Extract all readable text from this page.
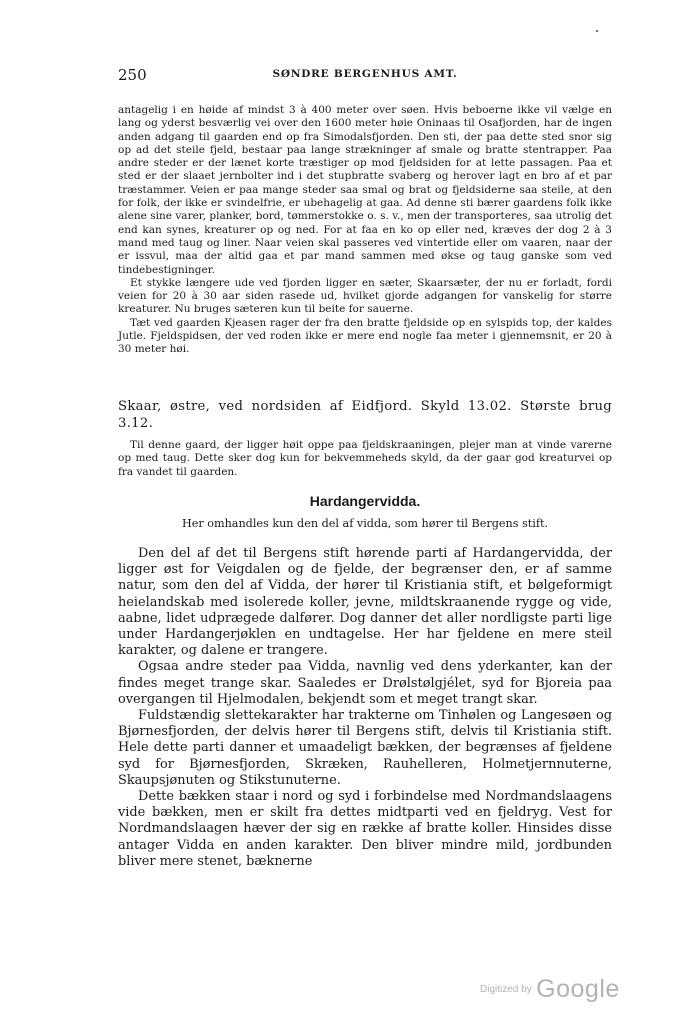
250	SØNDRE BERGENHUS AMT.

antagelig i en høide af mindst 3 à 400 meter over søen. Hvis beboerne ikke vil vælge en lang og yderst besværlig vei over den 1600 meter høie Oninaas til Osafjorden, har de ingen anden adgang til gaarden end op fra Simodalsfjorden. Den sti, der paa dette sted snor sig op ad det steile fjeld, bestaar paa lange strækninger af smale og bratte stentrapper. Paa andre steder er der lænet korte træstiger op mod fjeldsiden for at lette passagen. Paa et sted er der slaaet jernbolter ind i det stupbratte svaberg og herover lagt en bro af et par træstammer. Veien er paa mange steder saa smal og brat og fjeldsiderne saa steile, at den for folk, der ikke er svindelfrie, er ubehagelig at gaa. Ad denne sti bærer gaardens folk ikke alene sine varer, planker, bord, tømmerstokke o. s. v., men der transporteres, saa utrolig det end kan synes, kreaturer op og ned. For at faa en ko op eller ned, kræves der dog 2 à 3 mand med taug og liner. Naar veien skal passeres ved vintertide eller om vaaren, naar der er issvul, maa der altid gaa et par mand sammen med økse og taug ganske som ved tindebestigninger.

Et stykke længere ude ved fjorden ligger en sæter, Skaarsæter, der nu er forladt, fordi veien for 20 à 30 aar siden rasede ud, hvilket gjorde adgangen for vanskelig for større kreaturer. Nu bruges sæteren kun til beite for sauerne.

Tæt ved gaarden Kjeasen rager der fra den bratte fjeldside op en sylspids top, der kaldes Jutle. Fjeldspidsen, der ved roden ikke er mere end nogle faa meter i gjennemsnit, er 20 à 30 meter høi.

Skaar, østre, ved nordsiden af Eidfjord. Skyld 13.02. Største brug 3.12.

Til denne gaard, der ligger høit oppe paa fjeldskraaningen, plejer man at vinde varerne op med taug. Dette sker dog kun for bekvemmeheds skyld, da der gaar god kreaturvei op fra vandet til gaarden.

Hardangervidda.
Her omhandles kun den del af vidda, som hører til Bergens stift.

Den del af det til Bergens stift hørende parti af Hardangervidda, der ligger øst for Veigdalen og de fjelde, der begrænser den, er af samme natur, som den del af Vidda, der hører til Kristiania stift, et bølgeformigt heielandskab med isolerede koller, jevne, mildtskraanende rygge og vide, aabne, lidet udprægede dalfører. Dog danner det aller nordligste parti lige under Hardangerjøklen en undtagelse. Her har fjeldene en mere steil karakter, og dalene er trangere.

Ogsaa andre steder paa Vidda, navnlig ved dens yderkanter, kan der findes meget trange skar. Saaledes er Drølstølgjélet, syd for Bjoreia paa overgangen til Hjelmodalen, bekjendt som et meget trangt skar.

Fuldstændig slettekarakter har trakterne om Tinhølen og Langesøen og Bjørnesfjorden, der delvis hører til Bergens stift, delvis til Kristiania stift. Hele dette parti danner et umaadeligt bækken, der begrænses af fjeldene syd for Bjørnesfjorden, Skræken, Rauhelleren, Holmetjernnuterne, Skaupsjønuten og Stikstunuterne.

Dette bækken staar i nord og syd i forbindelse med Nordmandslaagens vide bækken, men er skilt fra dettes midtparti ved en fjeldryg. Vest for Nordmandslaagen hæver der sig en række af bratte koller. Hinsides disse antager Vidda en anden karakter. Den bliver mindre mild, jordbunden bliver mere stenet, bæknerne

Digitized by Google
